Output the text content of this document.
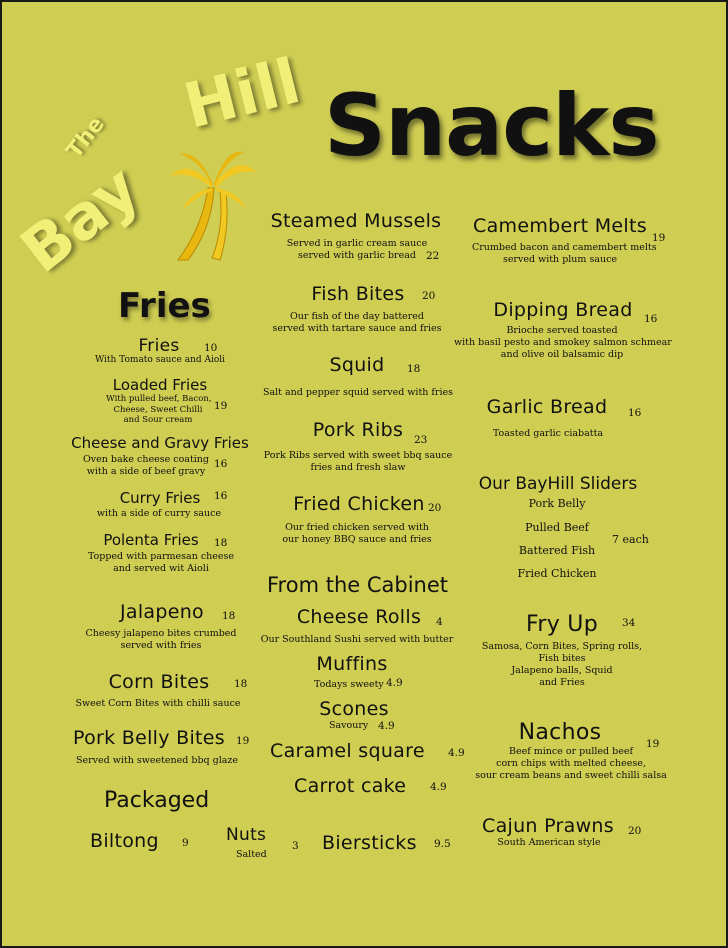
The
Bay
Hill Snacks
Fries
Fries	10
With Tomato sauce and Aioli
Loaded Fries
19
With pulled beef, Bacon,
Cheese, Sweet Chilli
and Sour cream
Cheese and Gravy Fries
16
Oven bake cheese coating
with a side of beef gravy
Curry Fries	16
with a side of curry sauce
Polenta Fries	18
Topped with parmesan cheese
and served wit Aioli
Jalapeno	18
Cheesy jalapeno bites crumbed
served with fries
Corn Bites	18
Sweet Corn Bites with chilli sauce
Pork Belly Bites	19
Served with sweetened bbq glaze
Packaged
Biltong 9 Nuts
Salted
3 Biersticks 9.5
Steamed Mussels
Served in garlic cream sauce
served with garlic bread 22
Fish Bites	20
Our fish of the day battered
served with tartare sauce and fries
Squid	18
Salt and pepper squid served with fries
Pork Ribs	23
Pork Ribs served with sweet bbq sauce
fries and fresh slaw
Fried Chicken 20
Our fried chicken served with
our honey BBQ sauce and fries
From the Cabinet
Cheese Rolls	4
Our Southland Sushi served with butter
Muffins
Todays sweety 4.9
Scones
Savoury 4.9
Caramel square 4.9
Carrot cake 4.9
Camembert Melts
19
Crumbed bacon and camembert melts
served with plum sauce
Dipping Bread	16
Brioche served toasted
with basil pesto and smokey salmon schmear
and olive oil balsamic dip
Garlic Bread	16
Toasted garlic ciabatta
Our BayHill Sliders
Pork Belly
Pulled Beef
Battered Fish
Fried Chicken
7 each
Fry Up	34
Samosa, Corn Bites, Spring rolls,
Fish bites
Jalapeno balls, Squid
and Fries
Nachos	19
Beef mince or pulled beef
corn chips with melted cheese,
sour cream beans and sweet chilli salsa
Cajun Prawns	20
South American style
